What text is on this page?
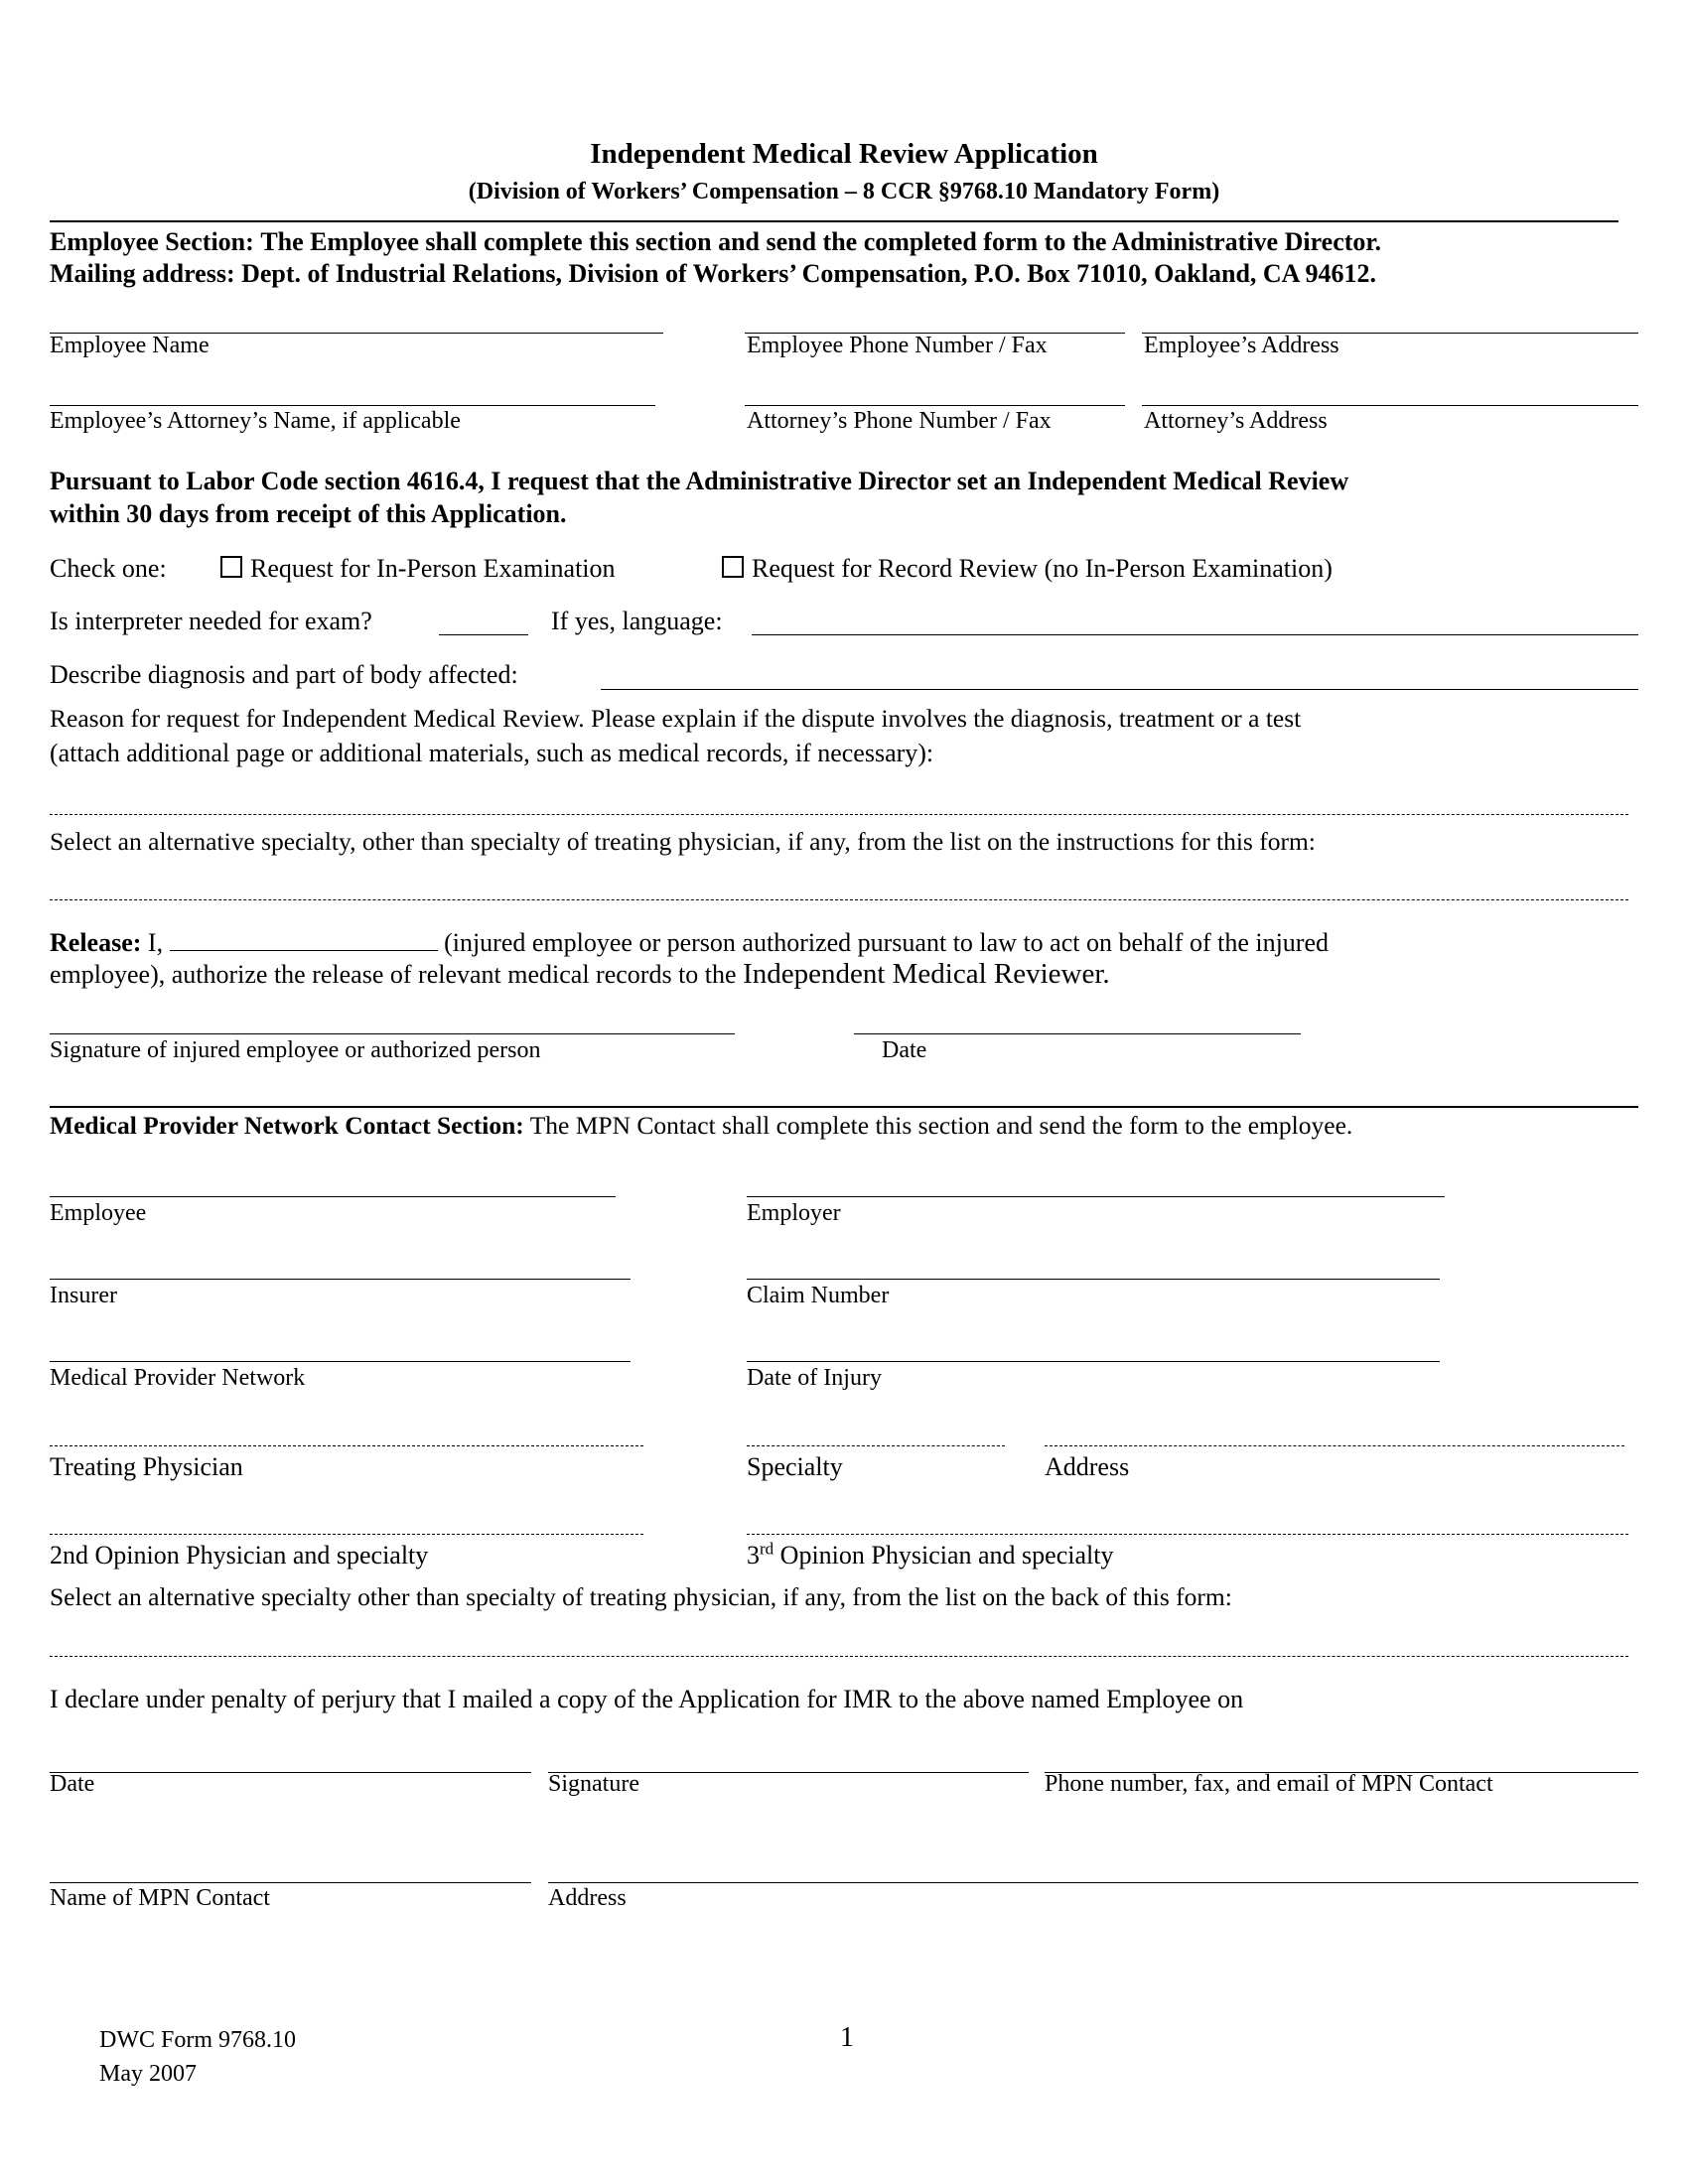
Independent Medical Review Application
(Division of Workers’ Compensation – 8 CCR §9768.10 Mandatory Form)
Employee Section: The Employee shall complete this section and send the completed form to the Administrative Director.
Mailing address: Dept. of Industrial Relations, Division of Workers’ Compensation, P.O. Box 71010, Oakland, CA 94612.
Employee Name	Employee Phone Number / Fax	Employee’s Address
Employee’s Attorney’s Name, if applicable	Attorney’s Phone Number / Fax	Attorney’s Address
Pursuant to Labor Code section 4616.4, I request that the Administrative Director set an Independent Medical Review
within 30 days from receipt of this Application.
Check one:	Request for In-Person Examination	Request for Record Review (no In-Person Examination)
Is interpreter needed for exam?	If yes, language:
Describe diagnosis and part of body affected:
Reason for request for Independent Medical Review. Please explain if the dispute involves the diagnosis, treatment or a test
(attach additional page or additional materials, such as medical records, if necessary):
Select an alternative specialty, other than specialty of treating physician, if any, from the list on the instructions for this form:
Release: I,	(injured employee or person authorized pursuant to law to act on behalf of the injured
employee), authorize the release of relevant medical records to the Independent Medical Reviewer.
Signature of injured employee or authorized person	Date
Medical Provider Network Contact Section: The MPN Contact shall complete this section and send the form to the employee.
Employee	Employer
Insurer	Claim Number
Medical Provider Network	Date of Injury
Treating Physician	Specialty	Address
2nd Opinion Physician and specialty	3rd Opinion Physician and specialty
Select an alternative specialty other than specialty of treating physician, if any, from the list on the back of this form:
I declare under penalty of perjury that I mailed a copy of the Application for IMR to the above named Employee on
Date	Signature	Phone number, fax, and email of MPN Contact
Name of MPN Contact	Address
DWC Form 9768.10
May 2007
1
